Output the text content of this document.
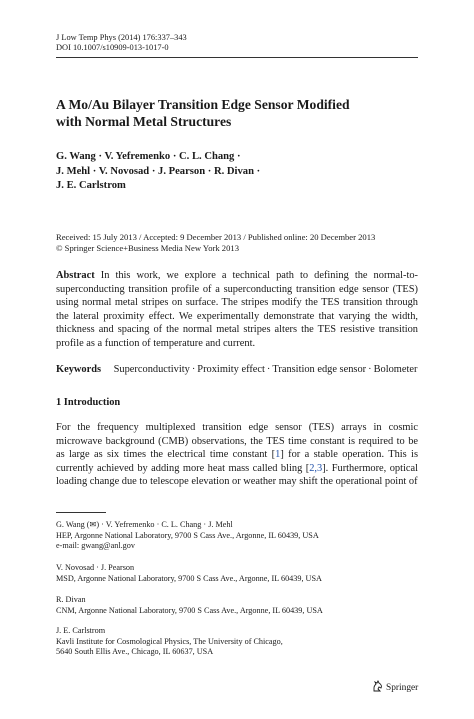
J Low Temp Phys (2014) 176:337–343
DOI 10.1007/s10909-013-1017-0
A Mo/Au Bilayer Transition Edge Sensor Modified
with Normal Metal Structures
G. Wang · V. Yefremenko · C. L. Chang ·
J. Mehl · V. Novosad · J. Pearson · R. Divan ·
J. E. Carlstrom
Received: 15 July 2013 / Accepted: 9 December 2013 / Published online: 20 December 2013
© Springer Science+Business Media New York 2013
Abstract In this work, we explore a technical path to defining the normal-to-superconducting transition profile of a superconducting transition edge sensor (TES) using normal metal stripes on surface. The stripes modify the TES transition through the lateral proximity effect. We experimentally demonstrate that varying the width, thickness and spacing of the normal metal stripes alters the TES resistive transition profile as a function of temperature and current.
Keywords Superconductivity · Proximity effect · Transition edge sensor · Bolometer
1 Introduction
For the frequency multiplexed transition edge sensor (TES) arrays in cosmic microwave background (CMB) observations, the TES time constant is required to be as large as six times the electrical time constant [1] for a stable operation. This is currently achieved by adding more heat mass called bling [2,3]. Furthermore, optical loading change due to telescope elevation or weather may shift the operational point of
G. Wang (✉) · V. Yefremenko · C. L. Chang · J. Mehl
HEP, Argonne National Laboratory, 9700 S Cass Ave., Argonne, IL 60439, USA
e-mail: gwang@anl.gov
V. Novosad · J. Pearson
MSD, Argonne National Laboratory, 9700 S Cass Ave., Argonne, IL 60439, USA
R. Divan
CNM, Argonne National Laboratory, 9700 S Cass Ave., Argonne, IL 60439, USA
J. E. Carlstrom
Kavli Institute for Cosmological Physics, The University of Chicago,
5640 South Ellis Ave., Chicago, IL 60637, USA
Springer
